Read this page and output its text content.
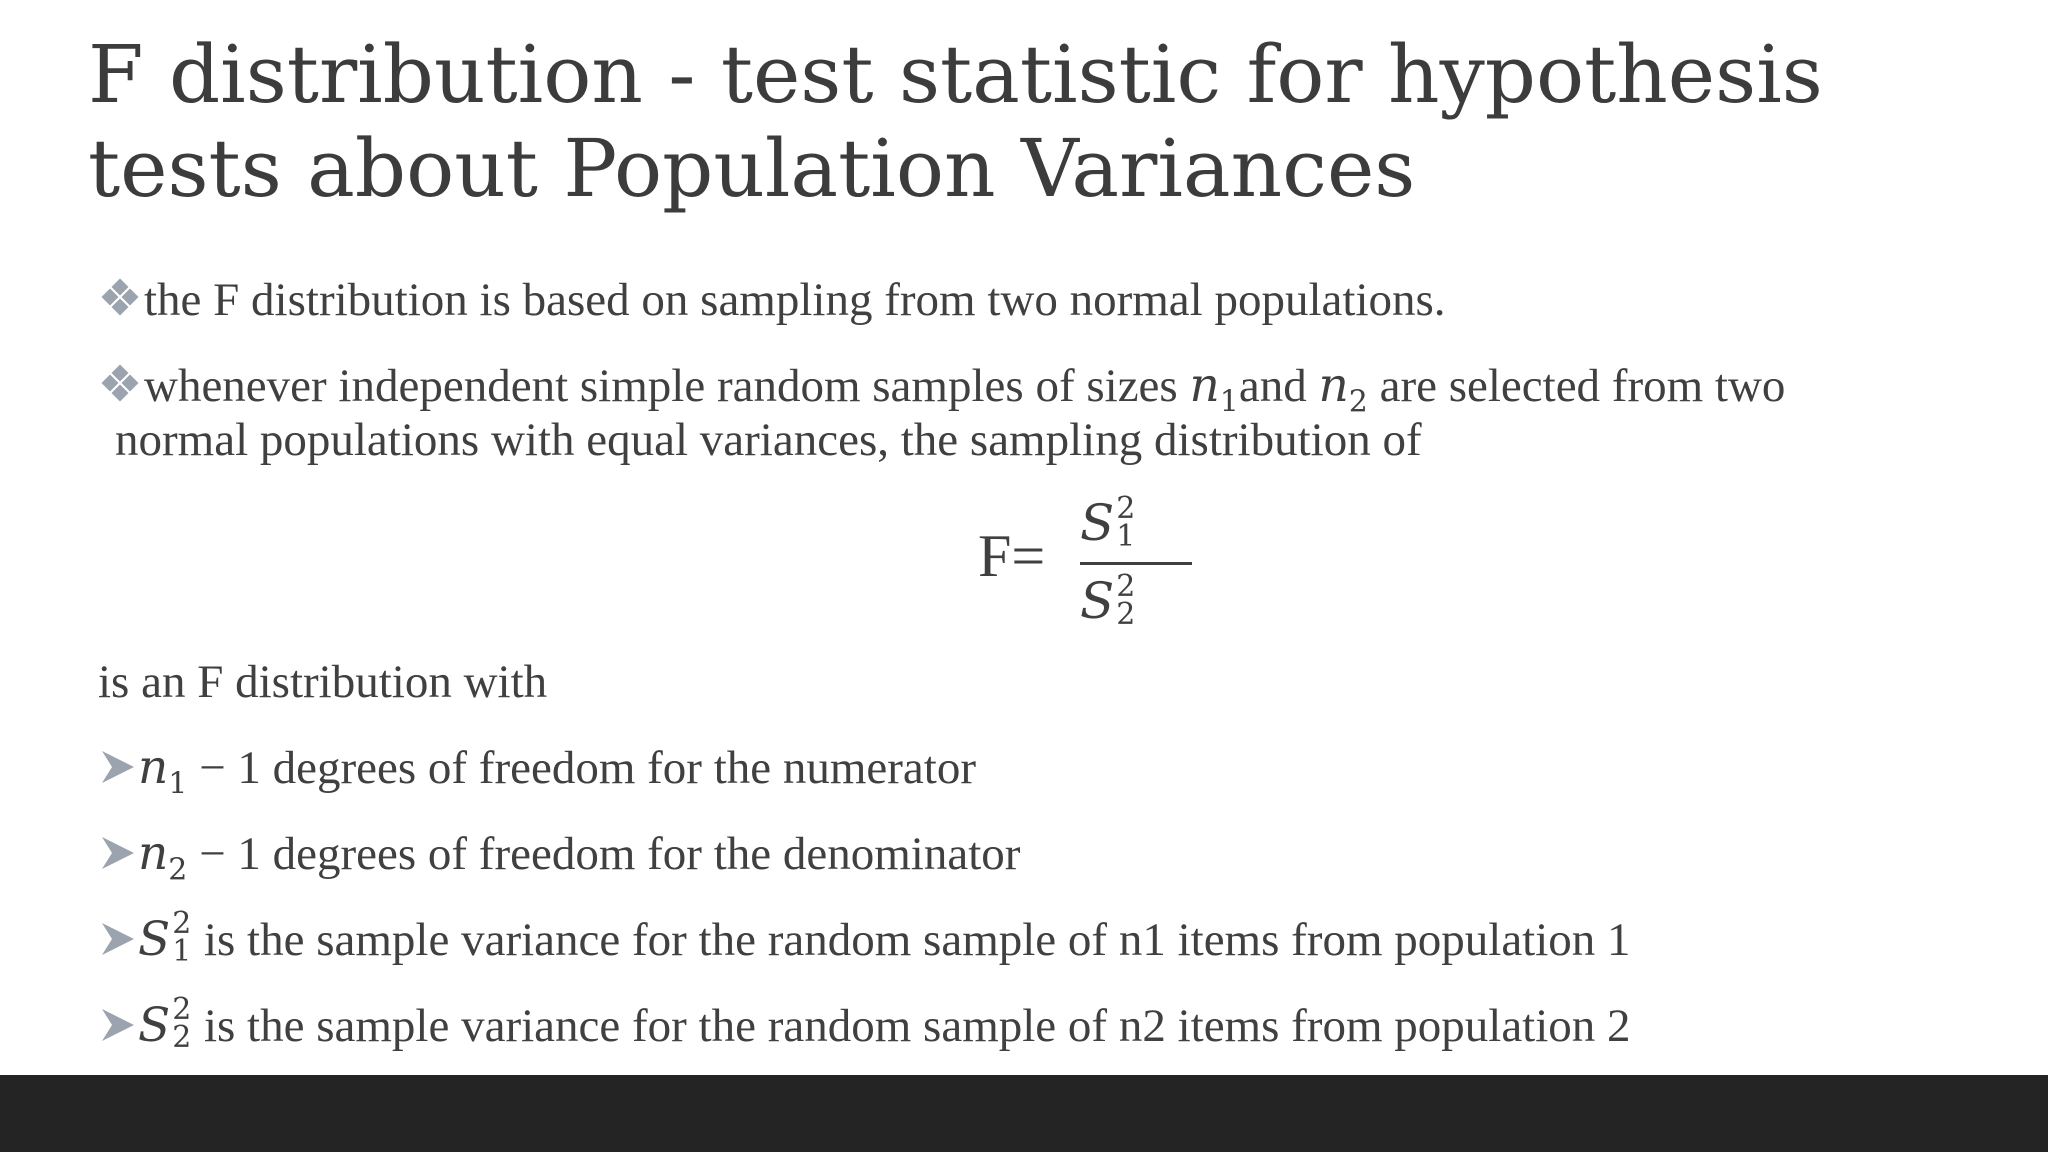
F distribution - test statistic for hypothesis
tests about Population Variances
the F distribution is based on sampling from two normal populations.
whenever independent simple random samples of sizes $n_1and$ $n_2$ are selected from two
normal populations with equal variances, the sampling distribution of
F= S 2
1
S 2
2
is an F distribution with
$n_1 - 1$ degrees of freedom for the numerator
$n_2 - 1$ degrees of freedom for the denominator
S 2
1 is the sample variance for the random sample of n1 items from population 1
S 2
2 is the sample variance for the random sample of n2 items from population 2
